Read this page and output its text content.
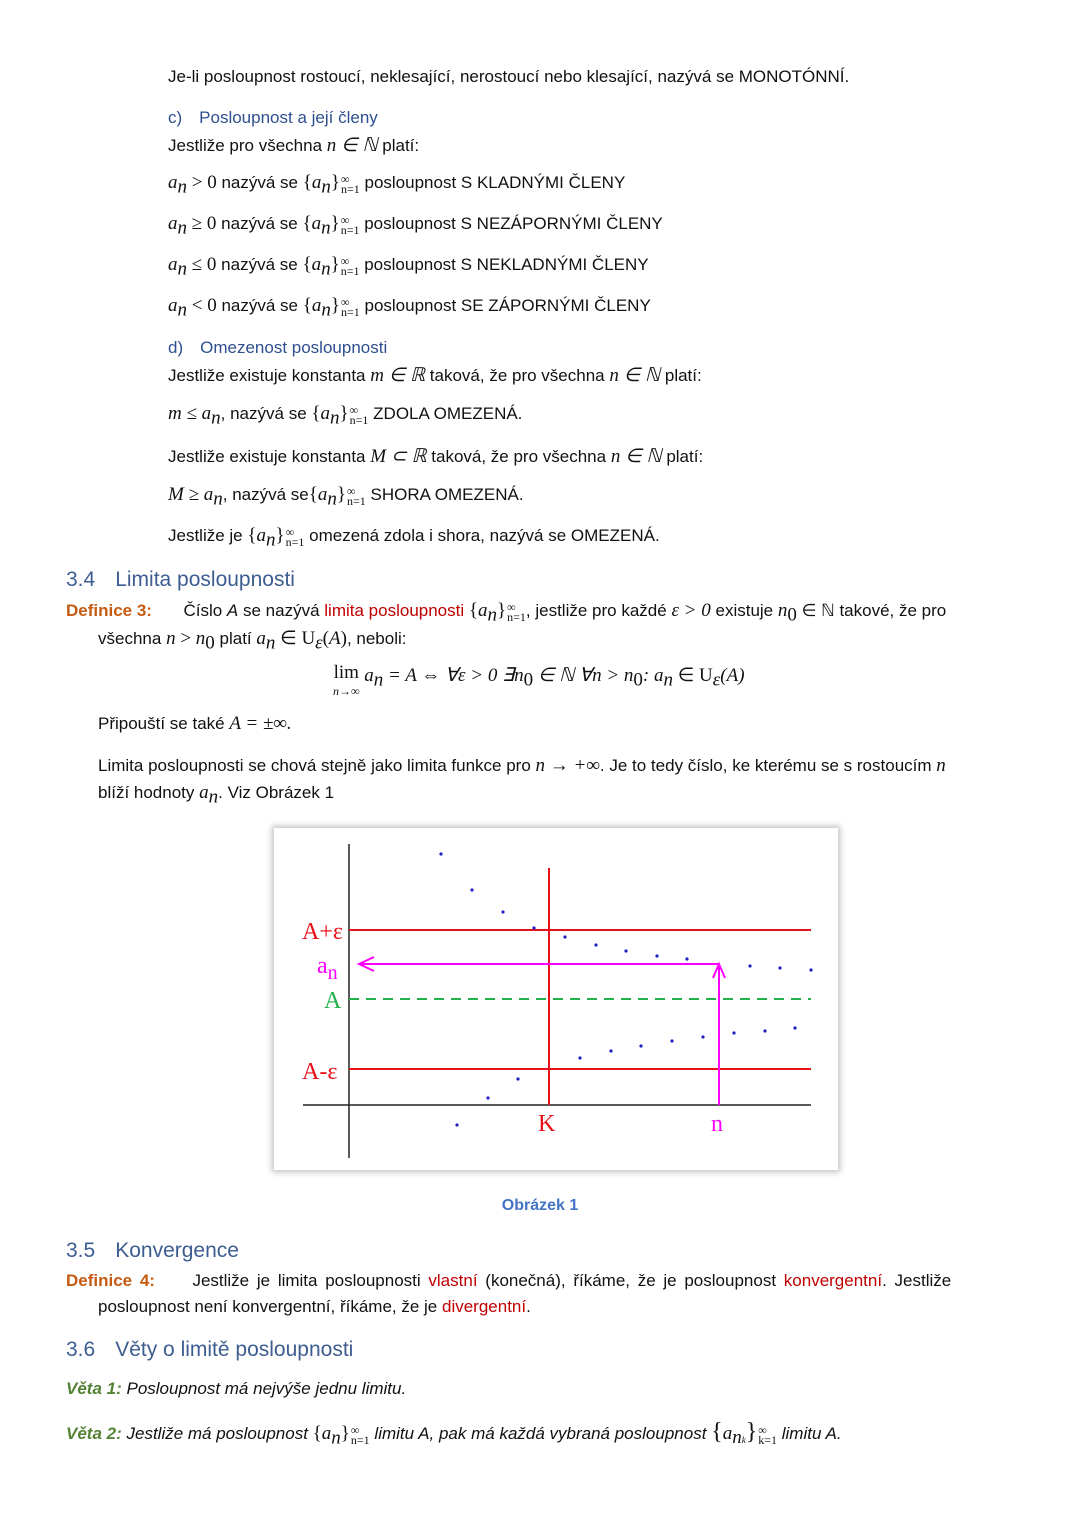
Je-li posloupnost rostoucí, neklesající, nerostoucí nebo klesající, nazývá se MONOTÓNNÍ.
c) Posloupnost a její členy
Jestliže pro všechna n ∈ ℕ platí:
$a_n > 0$ nazývá se $\{a_n\}$ ∞
n=1 posloupnost S KLADNÝMI ČLENY
$a_n \ge 0$ nazývá se $\{a_n\}$ ∞
n=1 posloupnost S NEZÁPORNÝMI ČLENY
$a_n \le 0$ nazývá se $\{a_n\}$ ∞
n=1 posloupnost S NEKLADNÝMI ČLENY
$a_n < 0$ nazývá se $\{a_n\}$ ∞
n=1 posloupnost SE ZÁPORNÝMI ČLENY
d) Omezenost posloupnosti
Jestliže existuje konstanta m ∈ ℝ taková, že pro všechna n ∈ ℕ platí:
$m \le a_n$, nazývá se $\{a_n\}$ ∞
n=1 ZDOLA OMEZENÁ.
Jestliže existuje konstanta M ⊂ ℝ taková, že pro všechna n ∈ ℕ platí:
$M \ge a_n$, nazývá $se\{a_n\}$ ∞
n=1 SHORA OMEZENÁ.
Jestliže je $\{a_n\}$ ∞
n=1 omezená zdola i shora, nazývá se OMEZENÁ.
3.4 Limita posloupnosti
Definice 3: Číslo A se nazývá limita posloupnosti $\{a_n\}$ ∞
n=1 , jestliže pro každé ε > 0 existuje $n_0$ ∈ ℕ takové, že pro
všechna $n > n_0$ platí $a_n$ ∈ $U_\varepsilon(A)$, neboli:
lim
n→∞
$a_n = A$ ⇔ ∀ε > 0 $\exists n_0$ ∈ ℕ ∀n > $n_0$: $a_n$ ∈ $U_\varepsilon(A)$
Připouští se také A = ±∞.
Limita posloupnosti se chová stejně jako limita funkce pro n → +∞. Je to tedy číslo, ke kterému se s rostoucím n
blíží hodnoty $a_n$. Viz Obrázek 1
A+ε
$a_n$
A
A-ε
K	n
Obrázek 1
3.5 Konvergence
Definice 4: Jestliže je limita posloupnosti vlastní (konečná), říkáme, že je posloupnost konvergentní. Jestliže
posloupnost není konvergentní, říkáme, že je divergentní.
3.6 Věty o limitě posloupnosti
Věta 1: Posloupnost má nejvýše jednu limitu.
Věta 2: Jestliže má posloupnost $\{a_n\}$ ∞
n=1 limitu A, pak má každá vybraná posloupnost $\{a_{nk}\}$ ∞
k=1 limitu A.
